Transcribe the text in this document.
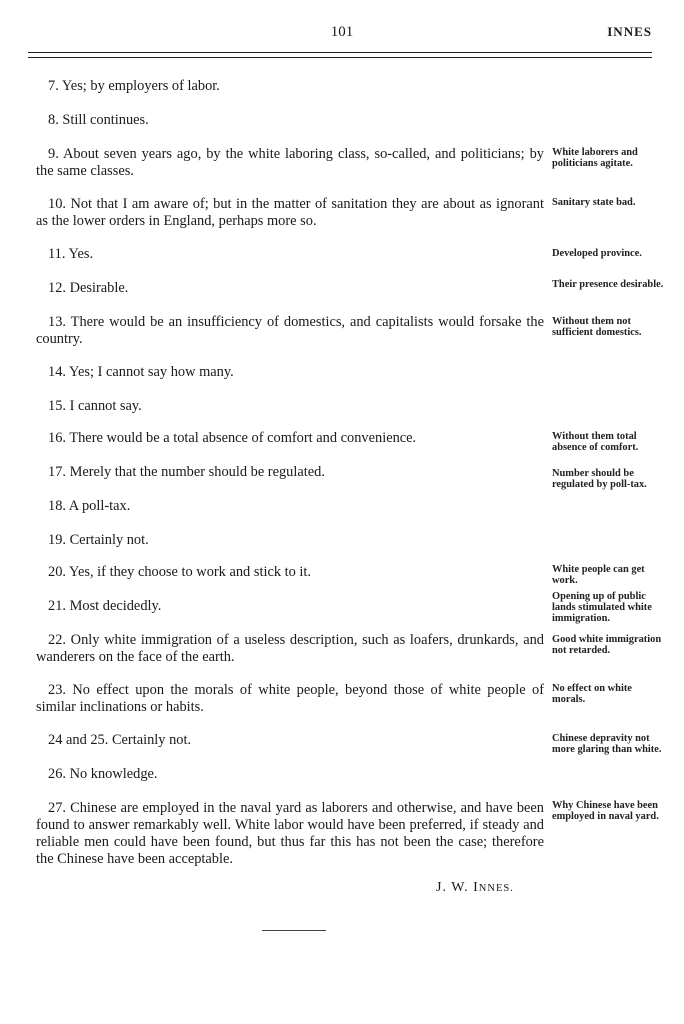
101	INNES
7. Yes; by employers of labor.
8. Still continues.
9. About seven years ago, by the white laboring class, so-called, and politicians; by the same classes.
10. Not that I am aware of; but in the matter of sanitation they are about as ignorant as the lower orders in England, perhaps more so.
11. Yes.
12. Desirable.
13. There would be an insufficiency of domestics, and capitalists would forsake the country.
14. Yes; I cannot say how many.
15. I cannot say.
16. There would be a total absence of comfort and convenience.
17. Merely that the number should be regulated.
18. A poll-tax.
19. Certainly not.
20. Yes, if they choose to work and stick to it.
21. Most decidedly.
22. Only white immigration of a useless description, such as loafers, drunkards, and wanderers on the face of the earth.
23. No effect upon the morals of white people, beyond those of white people of similar inclinations or habits.
24 and 25. Certainly not.
26. No knowledge.
27. Chinese are employed in the naval yard as laborers and otherwise, and have been found to answer remarkably well. White labor would have been preferred, if steady and reliable men could have been found, but thus far this has not been the case; therefore the Chinese have been acceptable.
White laborers and politicians agitate.
Sanitary state bad.
Developed province.
Their presence desirable.
Without them not sufficient domestics.
Without them total absence of comfort.
Number should be regulated by poll-tax.
White people can get work.
Opening up of public lands stimulated white immigration.
Good white immigration not retarded.
No effect on white morals.
Chinese depravity not more glaring than white.
Why Chinese have been employed in naval yard.
J. W. INNES.
